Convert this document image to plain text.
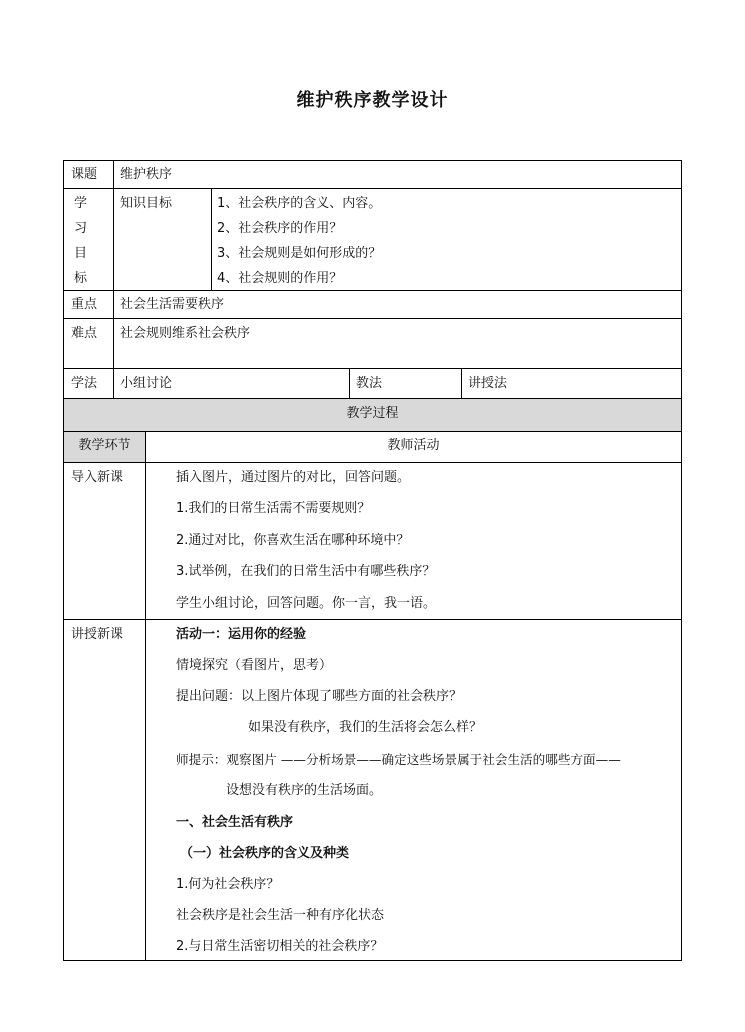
维护秩序教学设计
课题 维护秩序
学
习
目
标
知识目标	1、社会秩序的含义、内容。
2、社会秩序的作用？
3、社会规则是如何形成的？
4、社会规则的作用？
重点 社会生活需要秩序
难点 社会规则维系社会秩序
学法 小组讨论	教法	讲授法
教学过程
教学环节	教师活动
导入新课	插入图片，通过图片的对比，回答问题。
1.我们的日常生活需不需要规则？
2.通过对比，你喜欢生活在哪种环境中？
3.试举例，在我们的日常生活中有哪些秩序？
学生小组讨论，回答问题。你一言，我一语。
讲授新课	活动一：运用你的经验
情境探究（看图片，思考）
提出问题：以上图片体现了哪些方面的社会秩序？
如果没有秩序，我们的生活将会怎么样？
师提示：观察图片 ——分析场景——确定这些场景属于社会生活的哪些方面——
设想没有秩序的生活场面。
一、社会生活有秩序
（一）社会秩序的含义及种类
1.何为社会秩序？
社会秩序是社会生活一种有序化状态
2.与日常生活密切相关的社会秩序？
